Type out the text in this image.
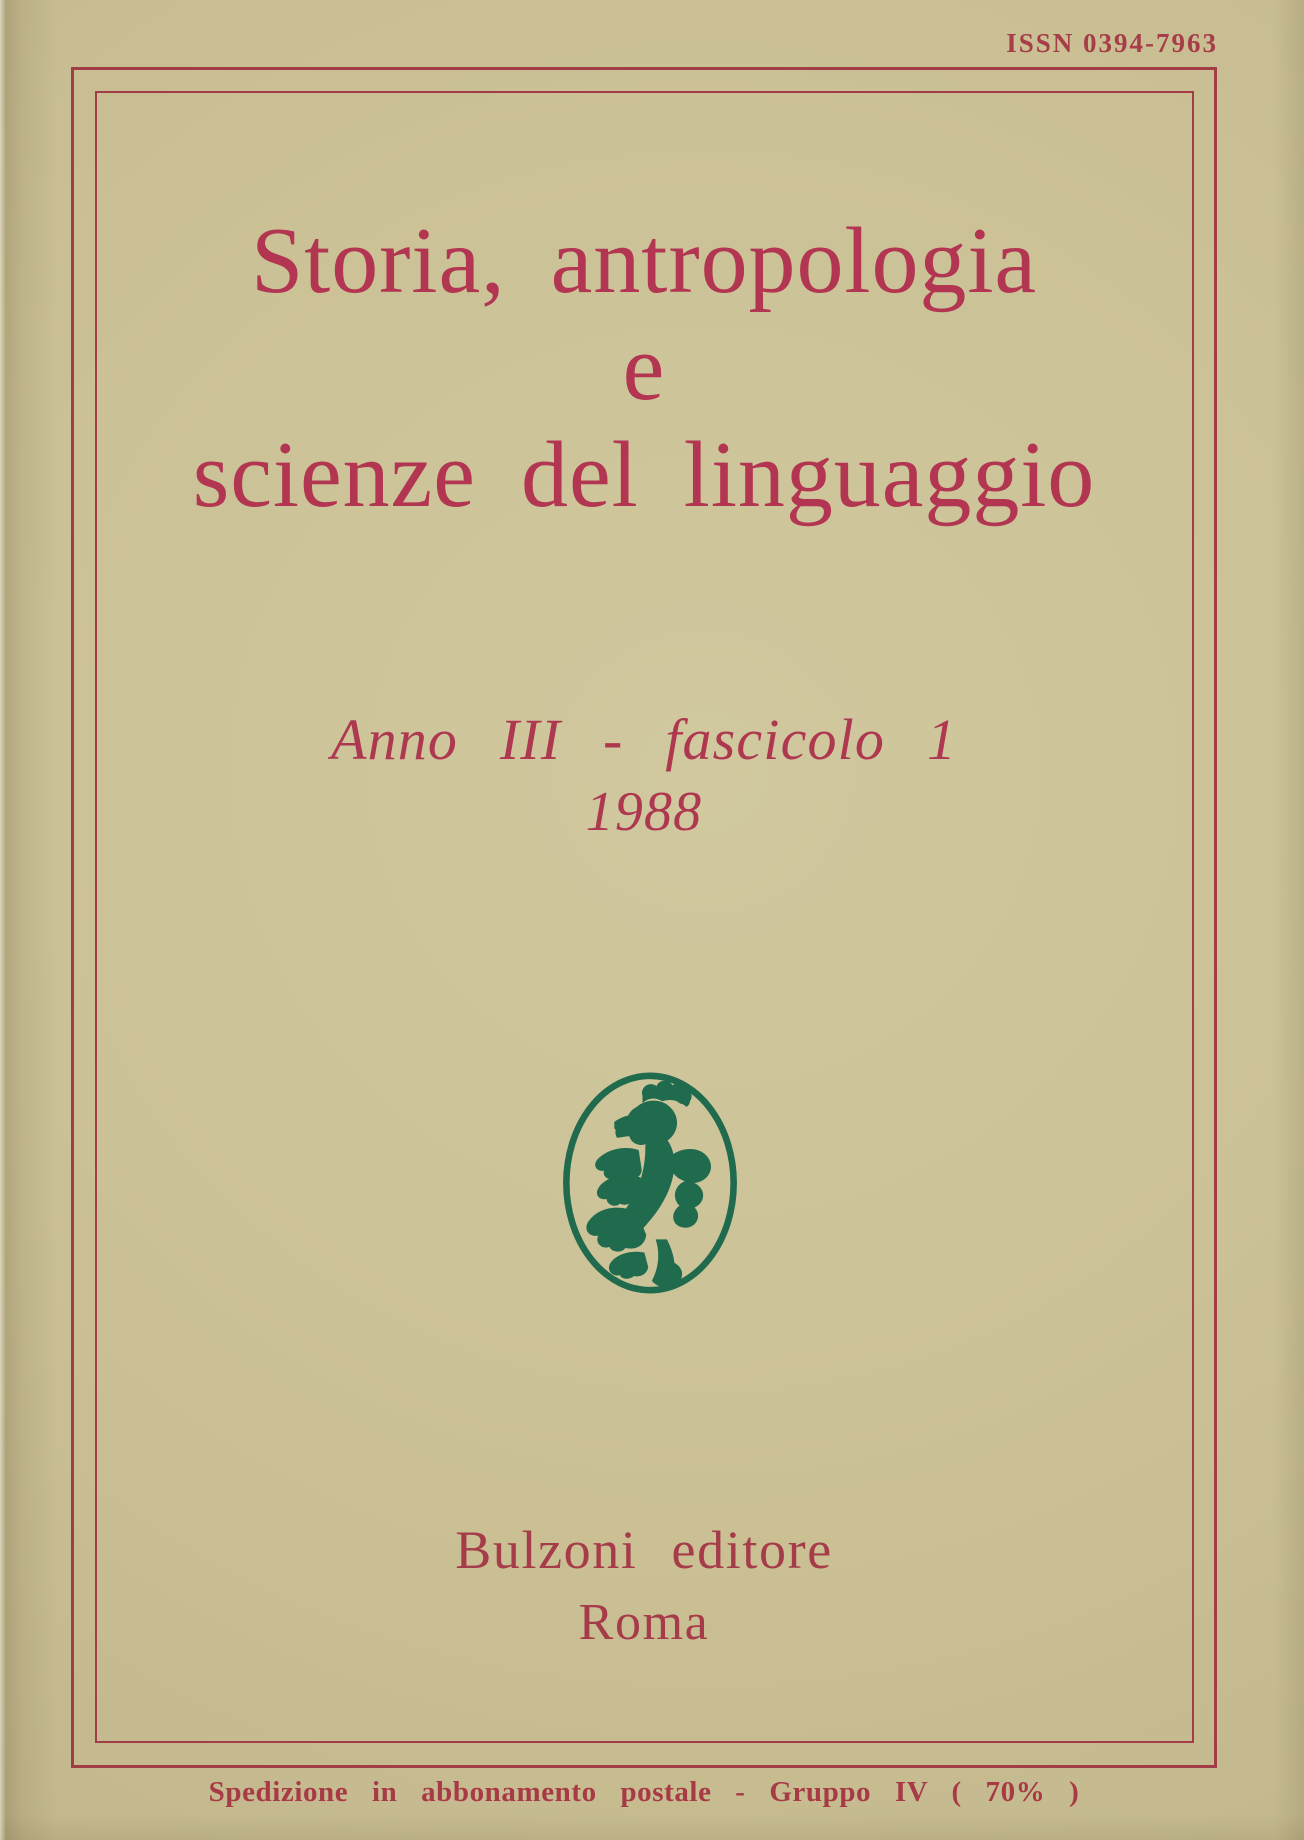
ISSN 0394-7963
Storia, antropologia
e
scienze del linguaggio
Anno III - fascicolo 1
1988
Bulzoni editore
Roma
Spedizione in abbonamento postale - Gruppo IV ( 70% )
